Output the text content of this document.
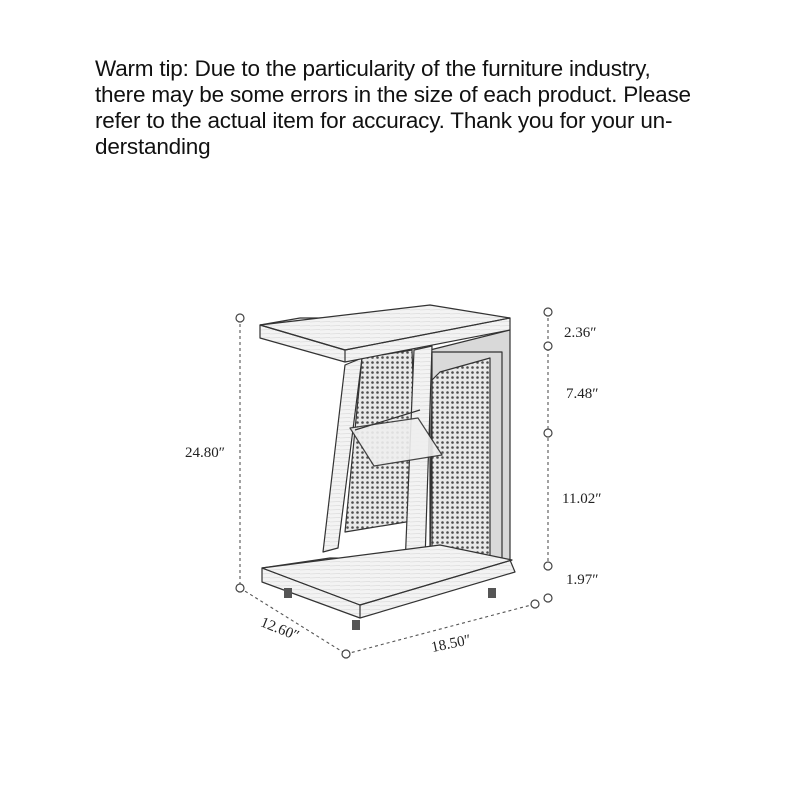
Warm tip: Due to the particularity of the furniture industry,
there may be some errors in the size of each product. Please
refer to the actual item for accuracy. Thank you for your un-
derstanding
24.80″
2.36″
7.48″
11.02″
1.97″
12.60″	18.50″
